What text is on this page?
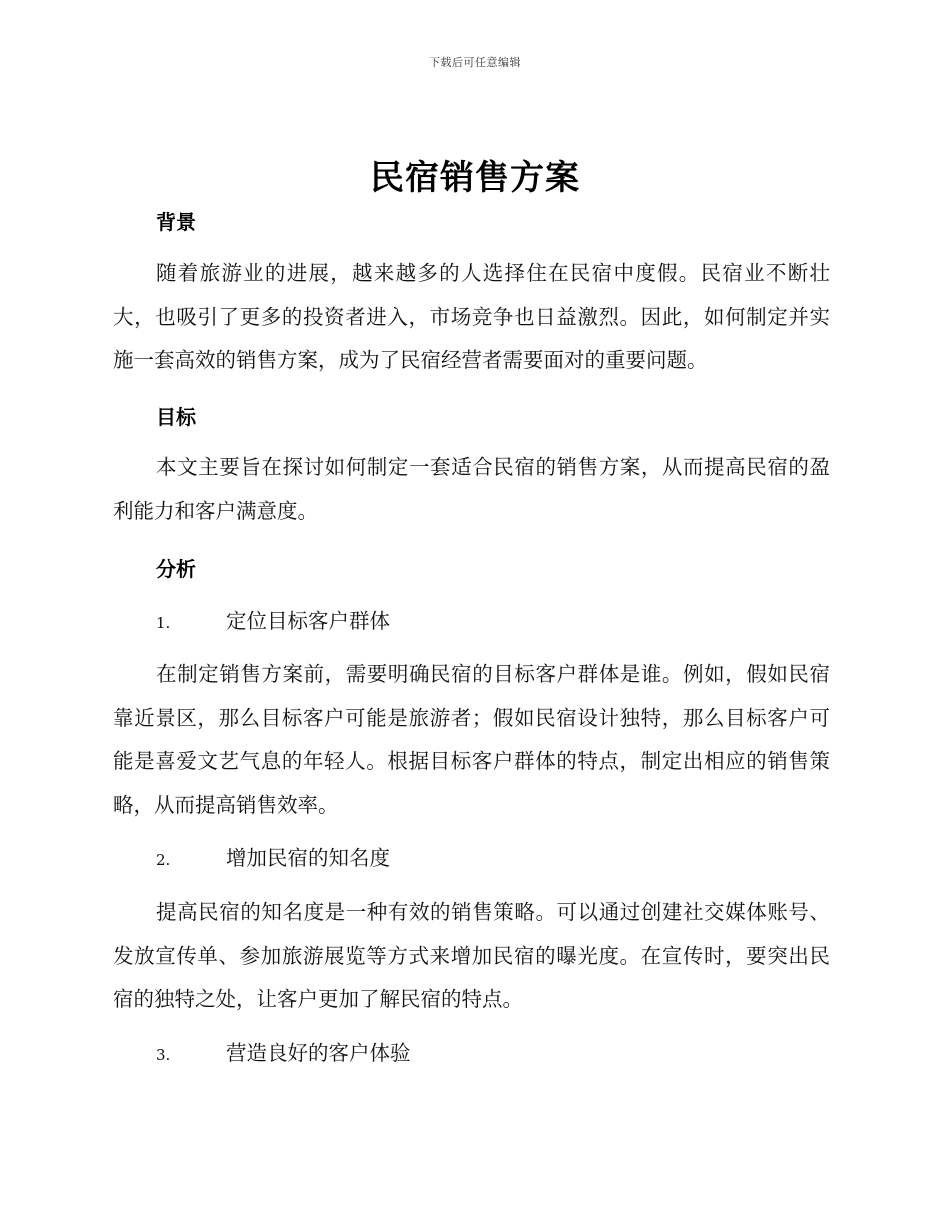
下载后可任意编辑
民宿销售方案
背景
随着旅游业的进展，越来越多的人选择住在民宿中度假。民宿业不断壮大，也吸引了更多的投资者进入，市场竞争也日益激烈。因此，如何制定并实施一套高效的销售方案，成为了民宿经营者需要面对的重要问题。
目标
本文主要旨在探讨如何制定一套适合民宿的销售方案，从而提高民宿的盈利能力和客户满意度。
分析
1.	定位目标客户群体
在制定销售方案前，需要明确民宿的目标客户群体是谁。例如，假如民宿靠近景区，那么目标客户可能是旅游者；假如民宿设计独特，那么目标客户可能是喜爱文艺气息的年轻人。根据目标客户群体的特点，制定出相应的销售策略，从而提高销售效率。
2.	增加民宿的知名度
提高民宿的知名度是一种有效的销售策略。可以通过创建社交媒体账号、发放宣传单、参加旅游展览等方式来增加民宿的曝光度。在宣传时，要突出民宿的独特之处，让客户更加了解民宿的特点。
3.	营造良好的客户体验
